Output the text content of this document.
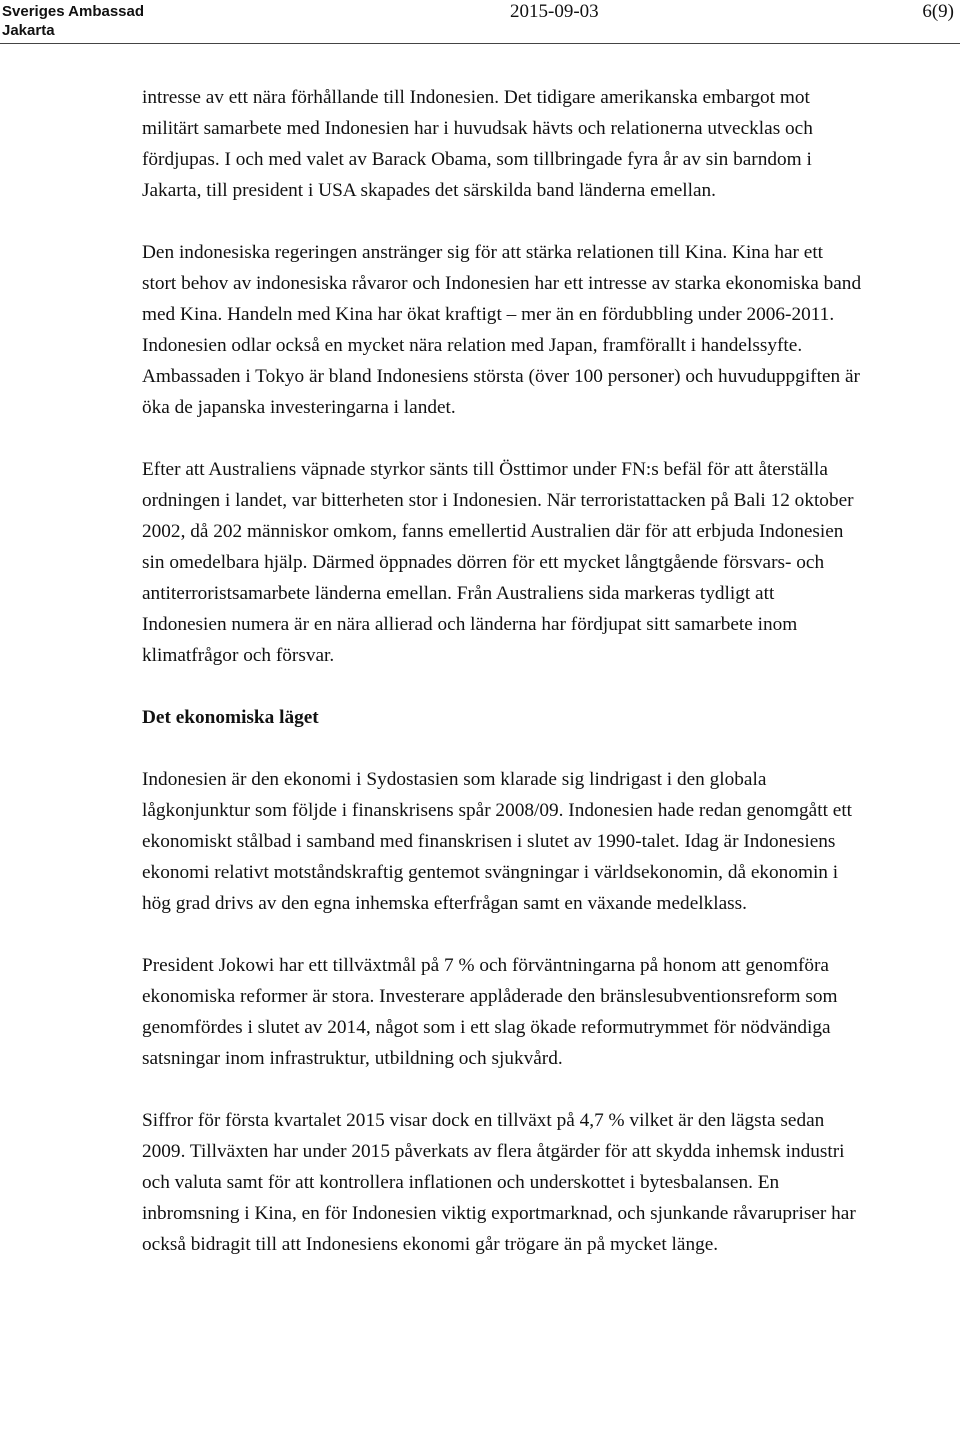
Sveriges Ambassad
Jakarta
2015-09-03	6(9)

intresse av ett nära förhållande till Indonesien. Det tidigare amerikanska embargot mot militärt samarbete med Indonesien har i huvudsak hävts och relationerna utvecklas och fördjupas. I och med valet av Barack Obama, som tillbringade fyra år av sin barndom i Jakarta, till president i USA skapades det särskilda band länderna emellan.

Den indonesiska regeringen anstränger sig för att stärka relationen till Kina. Kina har ett stort behov av indonesiska råvaror och Indonesien har ett intresse av starka ekonomiska band med Kina. Handeln med Kina har ökat kraftigt – mer än en fördubbling under 2006-2011. Indonesien odlar också en mycket nära relation med Japan, framförallt i handelssyfte. Ambassaden i Tokyo är bland Indonesiens största (över 100 personer) och huvuduppgiften är öka de japanska investeringarna i landet.

Efter att Australiens väpnade styrkor sänts till Östtimor under FN:s befäl för att återställa ordningen i landet, var bitterheten stor i Indonesien. När terroristattacken på Bali 12 oktober 2002, då 202 människor omkom, fanns emellertid Australien där för att erbjuda Indonesien sin omedelbara hjälp. Därmed öppnades dörren för ett mycket långtgående försvars- och antiterroristsamarbete länderna emellan. Från Australiens sida markeras tydligt att Indonesien numera är en nära allierad och länderna har fördjupat sitt samarbete inom klimatfrågor och försvar.

Det ekonomiska läget

Indonesien är den ekonomi i Sydostasien som klarade sig lindrigast i den globala lågkonjunktur som följde i finanskrisens spår 2008/09. Indonesien hade redan genomgått ett ekonomiskt stålbad i samband med finanskrisen i slutet av 1990-talet. Idag är Indonesiens ekonomi relativt motståndskraftig gentemot svängningar i världsekonomin, då ekonomin i hög grad drivs av den egna inhemska efterfrågan samt en växande medelklass.

President Jokowi har ett tillväxtmål på 7 % och förväntningarna på honom att genomföra ekonomiska reformer är stora. Investerare applåderade den bränslesubventionsreform som genomfördes i slutet av 2014, något som i ett slag ökade reformutrymmet för nödvändiga satsningar inom infrastruktur, utbildning och sjukvård.

Siffror för första kvartalet 2015 visar dock en tillväxt på 4,7 % vilket är den lägsta sedan 2009. Tillväxten har under 2015 påverkats av flera åtgärder för att skydda inhemsk industri och valuta samt för att kontrollera inflationen och underskottet i bytesbalansen. En inbromsning i Kina, en för Indonesien viktig exportmarknad, och sjunkande råvarupriser har också bidragit till att Indonesiens ekonomi går trögare än på mycket länge.
